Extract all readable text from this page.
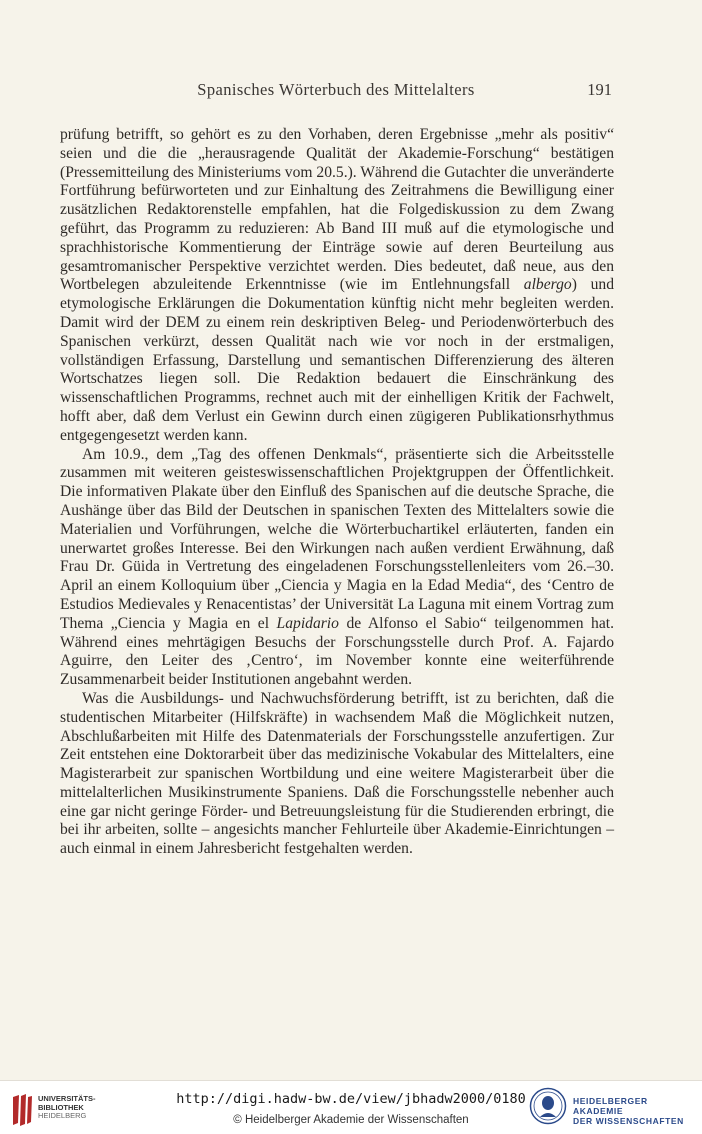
Spanisches Wörterbuch des Mittelalters	191

prüfung betrifft, so gehört es zu den Vorhaben, deren Ergebnisse „mehr als positiv“ seien und die die „herausragende Qualität der Akademie-Forschung“ bestätigen (Pressemitteilung des Ministeriums vom 20.5.). Während die Gutachter die unveränderte Fortführung befürworteten und zur Einhaltung des Zeitrahmens die Bewilligung einer zusätzlichen Redaktorenstelle empfahlen, hat die Folgediskussion zu dem Zwang geführt, das Programm zu reduzieren: Ab Band III muß auf die etymologische und sprachhistorische Kommentierung der Einträge sowie auf deren Beurteilung aus gesamtromanischer Perspektive verzichtet werden. Dies bedeutet, daß neue, aus den Wortbelegen abzuleitende Erkenntnisse (wie im Entlehnungsfall albergo) und etymologische Erklärungen die Dokumentation künftig nicht mehr begleiten werden. Damit wird der DEM zu einem rein deskriptiven Beleg- und Periodenwörterbuch des Spanischen verkürzt, dessen Qualität nach wie vor noch in der erstmaligen, vollständigen Erfassung, Darstellung und semantischen Differenzierung des älteren Wortschatzes liegen soll. Die Redaktion bedauert die Einschränkung des wissenschaftlichen Programms, rechnet auch mit der einhelligen Kritik der Fachwelt, hofft aber, daß dem Verlust ein Gewinn durch einen zügigeren Publikationsrhythmus entgegengesetzt werden kann.

Am 10.9., dem „Tag des offenen Denkmals“, präsentierte sich die Arbeitsstelle zusammen mit weiteren geisteswissenschaftlichen Projektgruppen der Öffentlichkeit. Die informativen Plakate über den Einfluß des Spanischen auf die deutsche Sprache, die Aushänge über das Bild der Deutschen in spanischen Texten des Mittelalters sowie die Materialien und Vorführungen, welche die Wörterbuchartikel erläuterten, fanden ein unerwartet großes Interesse. Bei den Wirkungen nach außen verdient Erwähnung, daß Frau Dr. Güida in Vertretung des eingeladenen Forschungsstellenleiters vom 26.–30. April an einem Kolloquium über „Ciencia y Magia en la Edad Media“, des ‘Centro de Estudios Medievales y Renacentistas’ der Universität La Laguna mit einem Vortrag zum Thema „Ciencia y Magia en el Lapidario de Alfonso el Sabio“ teilgenommen hat. Während eines mehrtägigen Besuchs der Forschungsstelle durch Prof. A. Fajardo Aguirre, den Leiter des ‚Centro‘, im November konnte eine weiterführende Zusammenarbeit beider Institutionen angebahnt werden.

Was die Ausbildungs- und Nachwuchsförderung betrifft, ist zu berichten, daß die studentischen Mitarbeiter (Hilfskräfte) in wachsendem Maß die Möglichkeit nutzen, Abschlußarbeiten mit Hilfe des Datenmaterials der Forschungsstelle anzufertigen. Zur Zeit entstehen eine Doktorarbeit über das medizinische Vokabular des Mittelalters, eine Magisterarbeit zur spanischen Wortbildung und eine weitere Magisterarbeit über die mittelalterlichen Musikinstrumente Spaniens. Daß die Forschungsstelle nebenher auch eine gar nicht geringe Förder- und Betreuungsleistung für die Studierenden erbringt, die bei ihr arbeiten, sollte – angesichts mancher Fehlurteile über Akademie-Einrichtungen – auch einmal in einem Jahresbericht festgehalten werden.

UNIVERSITÄTS-
BIBLIOTHEK
HEIDELBERG
http://digi.hadw-bw.de/view/jbhadw2000/0180
© Heidelberger Akademie der Wissenschaften
HEIDELBERGER AKADEMIE
DER WISSENSCHAFTEN
